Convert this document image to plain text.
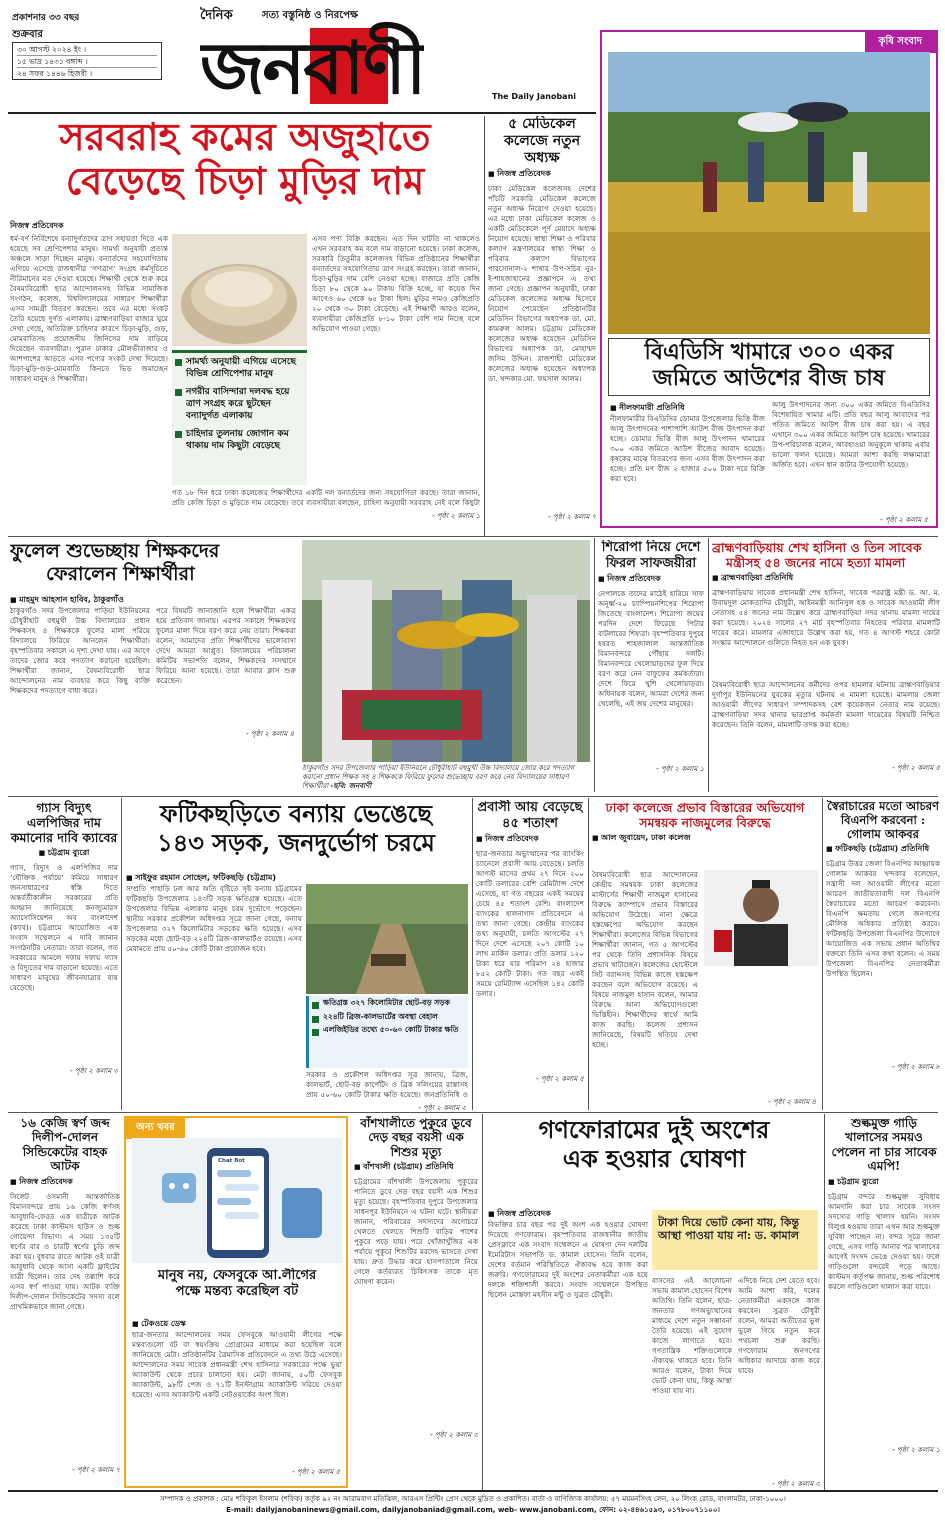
প্রকাশনার ৩৩ বছর
শুক্রবার
৩০ আগস্ট ২০২৪ ইং ।
১৫ ভাদ্র ১৪৩১ বঙ্গাব্দ ।
২৪ সফর ১৪৪৬ হিজরী ।
দৈনিক	সত্য বস্তুনিষ্ঠ ও নিরপেক্ষ
জনবাণী	The Daily Janobani
সরবরাহ কমের অজুহাতে
বেড়েছে চিড়া মুড়ির দাম
নিজস্ব প্রতিবেদক
ধর্ম-বর্ণ নির্বিশেষে বন্যাদুর্গতদের ত্রাণ সহায়তা দিতে এক হয়েছে সব শ্রেণিপেশার মানুষ। সামর্থ্য অনুযায়ী প্রত্যন্ত অঞ্চলে সাড়া দিচ্ছেন মানুষ। বন্যার্তদের সহযোগিতায় এগিয়ে এসেছে রাজধানীর ‘গণত্রাণ’ সংগ্রহ কর্মসূচিতে নীরিমানের মত দেওয়া হয়েছে। শিক্ষার্থী থেকে শুরু করে বৈষম্যবিরোধী ছাত্র আন্দোলনসহ বিভিন্ন সামাজিক সংগঠন, কলেজ, বিশ্ববিদ্যালয়ের সাধারণ শিক্ষার্থীরা এসব সামগ্রী বিতরণ করছেন। তবে এর মধ্যে সংকট তৈরি হয়েছে দুর্গত এলাকায়। ব্রাহ্মণবাড়িয়া বাজার ঘুরে দেখা গেছে, অতিরিক্ত চাহিদার কারণে চিড়া-মুড়ি, গুড়, মোমবাতিসহ প্রয়োজনীয় জিনিসের দাম বাড়িয়ে দিয়েছেন ব্যবসায়ীরা। পুরান ঢাকার মৌলভীবাজার ও আশপাশের আড়তে এসব পণ্যের সংকট দেখা দিয়েছে। চিড়া-মুড়ি-গুড়-মোমবাতি কিনতে ভিড় জমাচ্ছেন সাধারণ মানুষ ও শিক্ষার্থীরা।
সামর্থ্য অনুযায়ী এগিয়ে এসেছে বিভিন্ন শ্রেণিপেশার মানুষ
নগরীর বাসিন্দারা দলবদ্ধ হয়ে ত্রাণ সংগ্রহ করে ছুটছেন বন্যাদুর্গত এলাকায়
চাহিদার তুলনায় জোগান কম থাকায় দাম কিছুটা বেড়েছে
এসব পণ্য বিক্রি করছেন। এত দিন ঘাটতি না থাকলেও এখন সরবরাহ কম বলে দাম বাড়ানো হয়েছে। ঢাকা কলেজ, সরকারি তিতুমীর কলেজসহ বিভিন্ন প্রতিষ্ঠানের শিক্ষার্থীরা বন্যার্তদের সহযোগিতায় ত্রাণ সংগ্রহ করছেন। তারা জানান, চিড়া-মুড়ির দাম বেশি নেওয়া হচ্ছে। বাজারে প্রতি কেজি চিড়া ৮০ থেকে ৯০ টাকায় বিক্রি হচ্ছে, যা কয়েক দিন আগেও ৬০ থেকে ৬৫ টাকা ছিল। মুড়ির দামও কেজিপ্রতি ২০ থেকে ৩০ টাকা বেড়েছে। এই শিক্ষার্থী আরও বলেন, ব্যবসায়ীরা কেজিপ্রতি ৮-১০ টাকা বেশি দাম নিচ্ছে বলে অভিযোগ পাওয়া গেছে।
গত ১৮ দিন ধরে ঢাকা কলেজের শিক্ষার্থীদের একটি দল বন্যার্তদের জন্য সহযোগিতা করছে। তারা জানান, প্রতি কেজি চিড়া ও মুড়িতে দাম বেড়েছে। তবে ব্যবসায়ীরা বলছেন, চাহিদা অনুযায়ী সরবরাহ নেই বলে কিছুটা
- পৃষ্ঠা ২ কলাম ১
৫ মেডিকেল কলেজে নতুন অধ্যক্ষ
■ নিজস্ব প্রতিবেদক
ঢাকা মেডিকেল কলেজসহ দেশের পাঁচটি সরকারি মেডিকেল কলেজে নতুন অধ্যক্ষ নিয়োগ দেওয়া হয়েছে। এর মধ্যে ঢাকা মেডিকেল কলেজ ও একটি মেডিকেলে পূর্ণ মেয়াদে অধ্যক্ষ নিয়োগ হয়েছে। স্বাস্থ্য শিক্ষা ও পরিবার কল্যাণ মন্ত্রণালয়ের স্বাস্থ্য শিক্ষা ও পরিবার কল্যাণ বিভাগের পারসোনাল-২ শাখার উপ-সচিব নুর-ই-শাহজাহানের প্রজ্ঞাপনে এ তথ্য জানা গেছে। প্রজ্ঞাপন অনুযায়ী, ঢাকা মেডিকেল কলেজের অধ্যক্ষ হিসেবে নিয়োগ পেয়েছেন প্রতিষ্ঠানটির মেডিসিন বিভাগের অধ্যাপক ডা. মো. কামরুল আলম। চট্টগ্রাম মেডিকেল কলেজের অধ্যক্ষ হয়েছেন মেডিসিন বিভাগের অধ্যাপক ডা. মোহাম্মদ জসিম উদ্দিন। রাজশাহী মেডিকেল কলেজের অধ্যক্ষ হয়েছেন অধ্যাপক ডা. খন্দকার মো. ফয়সাল আলম।
- পৃষ্ঠা ২ কলাম ৭
কৃষি সংবাদ
বিএডিসি খামারে ৩০০ একর
জমিতে আউশের বীজ চাষ
■ নীলফামারী প্রতিনিধি
নীলফামারীর বিএডিসির ডোমার উপজেলার ভিত্তি বীজ আলু উৎপাদনের পাশাপাশি আউশ বীজ উৎপাদন করা হচ্ছে। ডোমার ভিত্তি বীজ আলু উৎপাদন খামারের ৩০০ একর জমিতে আউশ বীজের আবাদ হয়েছে। কৃষকের মাঝে বিতরণের জন্য এসব বীজ উৎপাদন করা হচ্ছে। প্রতি মণ বীজ ২ হাজার ৫০০ টাকা দরে বিক্রি করা হবে।
আলু উৎপাদনের জন্য ৩০০ একর জমিতে বিএডিসির বিশেষায়িত খামার এটি। প্রতি বছর আলু আবাদের পর পতিত জমিতে আউশ বীজ চাষ করা হয়। এ বছর এখানে ৩০০ একর জমিতে আউশ চাষ হয়েছে। খামারের উপ-পরিচালক বলেন, আবহাওয়া অনুকূলে থাকায় এবার ভালো ফলন হয়েছে। আমরা আশা করছি লক্ষ্যমাত্রা অর্জিত হবে। এখন ধান কাটার উপযোগী হয়েছে।
- পৃষ্ঠা ২ কলাম ৫
ফুলেল শুভেচ্ছায় শিক্ষকদের
ফেরালেন শিক্ষার্থীরা
■ মাহমুদ আহসান হাবিব, ঠাকুরগাঁও
ঠাকুরগাঁও সদর উপজেলার পাড়িয়া ইউনিয়নের চৌধুরীহাট বহুমুখী উচ্চ বিদ্যালয়ের প্রধান শিক্ষকসহ ৪ শিক্ষককে ফুলের মালা পরিয়ে বিদ্যালয়ে ফিরিয়ে আনলেন শিক্ষার্থীরা। বৃহস্পতিবার সকালে এ দৃশ্য দেখা যায়। এর আগে তাদের জোর করে পদত্যাগ করানো হয়েছিল। শিক্ষার্থীরা জানান, বৈষম্যবিরোধী ছাত্র আন্দোলনের নাম ব্যবহার করে কিছু ব্যক্তি শিক্ষকদের পদত্যাগে বাধ্য করে।
পরে বিষয়টি জানাজানি হলে শিক্ষার্থীরা একত্র হয়ে প্রতিবাদ জানায়। এরপর সকালে শিক্ষকদের ফুলের মালা দিয়ে বরণ করে নেয় তারা। শিক্ষকরা বলেন, আমাদের প্রতি শিক্ষার্থীদের ভালোবাসা দেখে আমরা আপ্লুত। বিদ্যালয়ের পরিচালনা কমিটির সভাপতি বলেন, শিক্ষকদের সসম্মানে ফিরিয়ে আনা হয়েছে। তারা আবার ক্লাস শুরু করেছেন।
- পৃষ্ঠা ২ কলাম ৪
ঠাকুরগাঁও সদর উপজেলার পাড়িয়া ইউনিয়নে চৌধুরীহাট বহুমুখী উচ্চ বিদ্যালয়ে জোর করে পদত্যাগ করানো প্রধান শিক্ষক সহ ৪ শিক্ষককে ফিরিয়ে ফুলের শুভেচ্ছায় বরণ করে নেয় বিদ্যালয়ের সাধারণ শিক্ষার্থীরা -ছবি: জনবাণী
শিরোপা নিয়ে দেশে ফিরল সাফজয়ীরা
■ নিজস্ব প্রতিবেদক
নেপালকে তাদের মাঠেই হারিয়ে সাফ অনূর্ধ্ব-২০ চ্যাম্পিয়নশিপের শিরোপা জিতেছে বাংলাদেশ। শিরোপা জয়ের পরদিন দেশে ফিরেছে পিটার বাটলারের শিষ্যরা। বৃহস্পতিবার দুপুরে হযরত শাহজালাল আন্তর্জাতিক বিমানবন্দরে পৌঁছায় দলটি। বিমানবন্দরে খেলোয়াড়দের ফুল দিয়ে বরণ করে নেন বাফুফের কর্মকর্তারা। দেশে ফিরে খুশি খেলোয়াড়রা। অধিনায়ক বলেন, আমরা দেশের জন্য খেলেছি, এই জয় দেশের মানুষের।
- পৃষ্ঠা ২ কলাম ১
ব্রাহ্মণবাড়িয়ায় শেখ হাসিনা ও তিন সাবেক
মন্ত্রীসহ ৫৪ জনের নামে হত্যা মামলা
■ ব্রাহ্মণবাড়িয়া প্রতিনিধি
ব্রাহ্মণবাড়িয়ায় সাবেক প্রধানমন্ত্রী শেখ হাসিনা, সাবেক পররাষ্ট্র মন্ত্রী ড. আ. ম. উবায়দুল মোকতাদির চৌধুরী, আইনমন্ত্রী আনিসুল হক ও সাবেক আওয়ামী লীগ নেতাসহ ৫৪ জনের নাম উল্লেখ করে ব্রাহ্মণবাড়িয়া সদর থানায় মামলা দায়ের করা হয়েছে। ২০২৪ সালের ২৭ মার্চ বৃহস্পতিবার নিহতের পরিবার মামলাটি দায়ের করে। মামলার এজাহারে উল্লেখ করা হয়, গত ৪ আগস্ট শহরে কোটা সংস্কার আন্দোলনে গুলিতে নিহত হন এক যুবক।
বৈষম্যবিরোধী ছাত্র আন্দোলনের কর্মীদের ওপর হামলার ঘটনায় ব্রাহ্মণবাড়িয়ার দুর্গাপুর ইউনিয়নের যুবকের মৃত্যুর ঘটনায় এ মামলা হয়েছে। মামলায় জেলা আওয়ামী লীগের সাধারণ সম্পাদকসহ বেশ কয়েকজন নেতার নাম রয়েছে। ব্রাহ্মণবাড়িয়া সদর থানার ভারপ্রাপ্ত কর্মকর্তা মামলা দায়েরের বিষয়টি নিশ্চিত করেছেন। তিনি বলেন, মামলাটি তদন্ত করা হচ্ছে।
- পৃষ্ঠা ২ কলাম ৫
গ্যাস বিদ্যুৎ এলপিজির দাম কমানোর দাবি ক্যাবের
■ চট্টগ্রাম ব্যুরো
গ্যাস, বিদ্যুৎ ও এলপিজির দাম ‘যৌক্তিক পর্যায়ে’ কমিয়ে সাধারণ জনসাধারণের স্বস্তি দিতে অন্তর্বর্তীকালীন সরকারের প্রতি আহ্বান জানিয়েছে কনজ্যুমারস অ্যাসোসিয়েশন অব বাংলাদেশ (ক্যাব)। চট্টগ্রামে আয়োজিত এক সংবাদ সম্মেলনে এ দাবি জানান সংগঠনটির নেতারা। তারা বলেন, গত সরকারের আমলে দফায় দফায় গ্যাস ও বিদ্যুতের দাম বাড়ানো হয়েছে। এতে সাধারণ মানুষের জীবনযাত্রার ব্যয় বেড়েছে।
- পৃষ্ঠা ২ কলাম ৩
ফটিকছড়িতে বন্যায় ভেঙেছে
১৪৩ সড়ক, জনদুর্ভোগ চরমে
■ সাইফুর রহমান সোহেল, ফটিকছড়ি (চট্টগ্রাম)
সম্প্রতি পাহাড়ি ঢল আর অতি বৃষ্টিতে সৃষ্ট বন্যায় চট্টগ্রামের ফটিকছড়ি উপজেলার ১৪৩টি সড়ক ক্ষতিগ্রস্ত হয়েছে। এতে উপজেলার বিভিন্ন এলাকার মানুষ চরম দুর্ভোগে পড়েছেন। স্থানীয় সরকার প্রকৌশল অধিদপ্তর সূত্রে জানা গেছে, বন্যায় উপজেলার ৩২৭ কিলোমিটার সড়কের ক্ষতি হয়েছে। এসব সড়কের মধ্যে ছোট-বড় ২২৪টি ব্রিজ-কালভার্টও রয়েছে। এসব মেরামতে প্রায় ৫০-৬০ কোটি টাকা প্রয়োজন হবে।
ক্ষতিগ্রস্ত ৩২৭ কিলোমিটার ছোট-বড় সড়ক
২২৪টি ব্রিজ-কালভার্টের অবস্থা বেহাল
এলজিইডির তথ্যে ৫০-৬০ কোটি টাকার ক্ষতি
সরকার ও প্রকৌশল অধিদপ্তর সূত্র জানায়, ব্রিজ, কালভার্ট, ছোট-বড় কার্পেটিং ও ব্রিক সলিংয়ের রাস্তাসহ প্রায় ৫০-৬০ কোটি টাকার ক্ষতি হয়েছে। জনপ্রতিনিধি ও
- পৃষ্ঠা ২ কলাম ৩
প্রবাসী আয় বেড়েছে ৪৫ শতাংশ
■ নিজস্ব প্রতিবেদক
ছাত্র-জনতার অভ্যুত্থানের পর ব্যাংকিং চ্যানেলে প্রবাসী আয় বেড়েছে। চলতি আগস্ট মাসের প্রথম ২৭ দিনে ২০০ কোটি ডলারের বেশি রেমিট্যান্স দেশে এসেছে, যা গত বছরের একই সময়ের চেয়ে ৪৫ শতাংশ বেশি। বাংলাদেশ ব্যাংকের হালনাগাদ প্রতিবেদনে এ তথ্য জানা গেছে। কেন্দ্রীয় ব্যাংকের তথ্য অনুযায়ী, চলতি আগস্টের ২৭ দিনে দেশে এসেছে ২০৭ কোটি ১০ লাখ মার্কিন ডলার। প্রতি ডলার ১২০ টাকা ধরে যার পরিমাণ ২৪ হাজার ৮৫২ কোটি টাকা। গত বছর একই সময়ে রেমিট্যান্স এসেছিল ১৪২ কোটি ডলার।
- পৃষ্ঠা ২ কলাম ৫
ঢাকা কলেজে প্রভাব বিস্তারের অভিযোগ
সমন্বয়ক নাজমুলের বিরুদ্ধে
■ আল জুবায়েদ, ঢাকা কলেজ
বৈষম্যবিরোধী ছাত্র আন্দোলনের কেন্দ্রীয় সমন্বয়ক ঢাকা কলেজের মাস্টার্সের শিক্ষার্থী নাজমুল হাসানের বিরুদ্ধে ক্যাম্পাসে প্রভাব বিস্তারের অভিযোগ উঠেছে। নানা ক্ষেত্রে হস্তক্ষেপের অভিযোগ করছেন শিক্ষার্থীরা। কলেজের বিভিন্ন বিভাগের শিক্ষার্থীরা জানান, গত ৫ আগস্টের পর থেকে তিনি প্রশাসনিক বিষয়ে প্রভাব খাটাচ্ছেন। কলেজের হোস্টেলে সিট বরাদ্দসহ বিভিন্ন কাজে হস্তক্ষেপ করছেন বলে অভিযোগ রয়েছে। এ বিষয়ে নাজমুল হাসান বলেন, আমার বিরুদ্ধে আনা অভিযোগগুলো ভিত্তিহীন। শিক্ষার্থীদের স্বার্থে আমি কাজ করছি। কলেজ প্রশাসন জানিয়েছে, বিষয়টি খতিয়ে দেখা হচ্ছে।
- পৃষ্ঠা ২ কলাম ৪
স্বৈরাচারের মতো আচরণ বিএনপি করবেনা : গোলাম আকবর
■ ফটিকছড়ি (চট্টগ্রাম) প্রতিনিধি
চট্টগ্রাম উত্তর জেলা বিএনপির আহ্বায়ক গোলাম আকবর খন্দকার বলেছেন, সন্ত্রাসী দল আওয়ামী লীগের মতো আচরণ জাতীয়তাবাদী দল বিএনপি স্বৈরাচারের মতো আচরণ করবেনা। বিএনপি ক্ষমতায় গেলে জনগণের মৌলিক অধিকার প্রতিষ্ঠা করবে। ফটিকছড়ি উপজেলা বিএনপির উদ্যোগে আয়োজিত এক সভায় প্রধান অতিথির বক্তব্যে তিনি এসব কথা বলেন। এ সময় উপজেলা বিএনপির নেতাকর্মীরা উপস্থিত ছিলেন।
- পৃষ্ঠা ২ কলাম ৮
১৬ কেজি স্বর্ণ জব্দ দিলীপ-দোলন সিন্ডিকেটের বাহক আটক
■ নিজস্ব প্রতিবেদক
সিলেট ওসমানী আন্তর্জাতিক বিমানবন্দরে প্রায় ১৬ কেজি স্বর্ণসহ আবুধাবি-ফেরত এক যাত্রীকে আটক করেছে ঢাকা কাস্টমস হাউস ও শুল্ক গোয়েন্দা বিভাগ। এ সময় ১৩৫টি স্বর্ণের বার ও চারটি স্বর্ণের চুড়ি জব্দ করা হয়। বুধবার রাতে আটক ওই যাত্রী আবুধাবি থেকে আসা একটি ফ্লাইটের যাত্রী ছিলেন। তার দেহ তল্লাশি করে এসব স্বর্ণ পাওয়া যায়। আটক ব্যক্তি দিলীপ-দোলন সিন্ডিকেটের সদস্য বলে প্রাথমিকভাবে জানা গেছে।
- পৃষ্ঠা ২ কলাম ৭
অন্য খবর
Chat Bot
মানুষ নয়, ফেসবুকে আ.লীগের
পক্ষে মন্তব্য করেছিল বট
■ টেকওয়ে ডেস্ক
ছাত্র-জনতার আন্দোলনের সময় ফেসবুকে আওয়ামী লীগের পক্ষে মন্তব্যগুলো বট বা স্বয়ংক্রিয় প্রোগ্রামের মাধ্যমে করা হয়েছিল বলে জানিয়েছে মেটা। প্রতিষ্ঠানটির ত্রৈমাসিক প্রতিবেদনে এ তথ্য উঠে এসেছে। আন্দোলনের সময় সাবেক প্রধানমন্ত্রী শেখ হাসিনার সরকারের পক্ষে ভুয়া অ্যাকাউন্ট থেকে প্রচার চালানো হয়। মেটা জানায়, ৫০টি ফেসবুক অ্যাকাউন্ট, ৯৮টি পেজ ও ৭১টি ইনস্টাগ্রাম অ্যাকাউন্ট সরিয়ে দেওয়া হয়েছে। এসব অ্যাকাউন্ট একটি নেটওয়ার্কের অংশ ছিল।
- পৃষ্ঠা ২ কলাম ৫
বাঁশখালীতে পুকুরে ডুবে দেড় বছর বয়সী এক শিশুর মৃত্যু
■ বাঁশখালী (চট্টগ্রাম) প্রতিনিধি
চট্টগ্রামের বাঁশখালী উপজেলায় পুকুরের পানিতে ডুবে দেড় বছর বয়সী এক শিশুর মৃত্যু হয়েছে। বৃহস্পতিবার দুপুরে উপজেলার সাধনপুর ইউনিয়নে এ ঘটনা ঘটে। স্থানীয়রা জানান, পরিবারের সদস্যদের অগোচরে খেলতে খেলতে শিশুটি বাড়ির পাশের পুকুরে পড়ে যায়। পরে খোঁজাখুঁজির এক পর্যায়ে পুকুরে শিশুটির মরদেহ ভাসতে দেখা যায়। দ্রুত উদ্ধার করে হাসপাতালে নিয়ে গেলে কর্তব্যরত চিকিৎসক তাকে মৃত ঘোষণা করেন।
- পৃষ্ঠা ২ কলাম ৩
গণফোরামের দুই অংশের
এক হওয়ার ঘোষণা
■ নিজস্ব প্রতিবেদক
বিভক্তির চার বছর পর দুই অংশ এক হওয়ার ঘোষণা দিয়েছে গণফোরাম। বৃহস্পতিবার রাজধানীর জাতীয় প্রেসক্লাবে এক সংবাদ সম্মেলনে এ ঘোষণা দেন দলটির ইমেরিটাস সভাপতি ড. কামাল হোসেন। তিনি বলেন, দেশের বর্তমান পরিস্থিতিতে ঐক্যবদ্ধ হয়ে কাজ করা জরুরি। গণফোরামের দুই অংশের নেতাকর্মীরা এক হয়ে দলকে শক্তিশালী করবে। সংবাদ সম্মেলনে উপস্থিত ছিলেন মোস্তফা মহসীন মন্টু ও সুব্রত চৌধুরী।
টাকা দিয়ে ভোট কেনা যায়, কিন্তু আস্থা পাওয়া যায় না: ড. কামাল
বাসসের এই আলোচনা সভায় কামাল হোসেন বিশেষ অতিথি। তিনি বলেন, ছাত্র-জনতার গণঅভ্যুত্থানের মাধ্যমে দেশে নতুন সম্ভাবনা তৈরি হয়েছে। এই সুযোগ কাজে লাগাতে হবে। গণতান্ত্রিক শক্তিগুলোকে ঐক্যবদ্ধ থাকতে হবে। তিনি আরও বলেন, টাকা দিয়ে ভোট কেনা যায়, কিন্তু আস্থা পাওয়া যায় না।
এদিকে নিয়ে দেশ যেতে হবে। আমি আশা করি, দলের নেতাকর্মীরা একসঙ্গে কাজ করবেন। সুব্রত চৌধুরী বলেন, আমরা অতীতের ভুল ভুলে গিয়ে নতুন করে পথচলা শুরু করছি। গণফোরাম জনগণের অধিকার আদায়ে কাজ করে যাবে।
- পৃষ্ঠা ২ কলাম ৩
শুল্কমুক্ত গাড়ি খালাসের সময়ও পেলেন না চার সাবেক এমপি!
■ চট্টগ্রাম ব্যুরো
চট্টগ্রাম বন্দরে শুল্কমুক্ত সুবিধায় আমদানি করা চার সাবেক সংসদ সদস্যের গাড়ি খালাস হয়নি। সংসদ বিলুপ্ত হওয়ায় তারা এখন আর শুল্কমুক্ত সুবিধা পাচ্ছেন না। বন্দর সূত্রে জানা গেছে, এসব গাড়ি আনার পর খালাসের আগেই সংসদ ভেঙে দেওয়া হয়। ফলে গাড়িগুলো বন্দরেই পড়ে আছে। কাস্টমস কর্তৃপক্ষ জানায়, শুল্ক পরিশোধ করলে গাড়িগুলো খালাস করা যাবে।
- পৃষ্ঠা ২ কলাম ১
সম্পাদক ও প্রকাশক : মোঃ শফিকুল ইসলাম (শফিক) কর্তৃক ৯২ নং আরামবাগ মতিঝিল, আরএস প্রিন্টিং প্রেস থেকে মুদ্রিত ও প্রকাশিত। বার্তা ও বাণিজ্যিক কার্যালয়: ৫৭ ময়মনসিংহ লেন, ২০ লিংক রোড, বাংলামটর, ঢাকা-১০০০।
E-mail: dailyjanobaninews@gmail.com, dailyjanobaniad@gmail.com, web- www.janobani.com, ফোন: ০২-৪৪৬১৫৯৩, ০১৭৮০০৭১১০০।
